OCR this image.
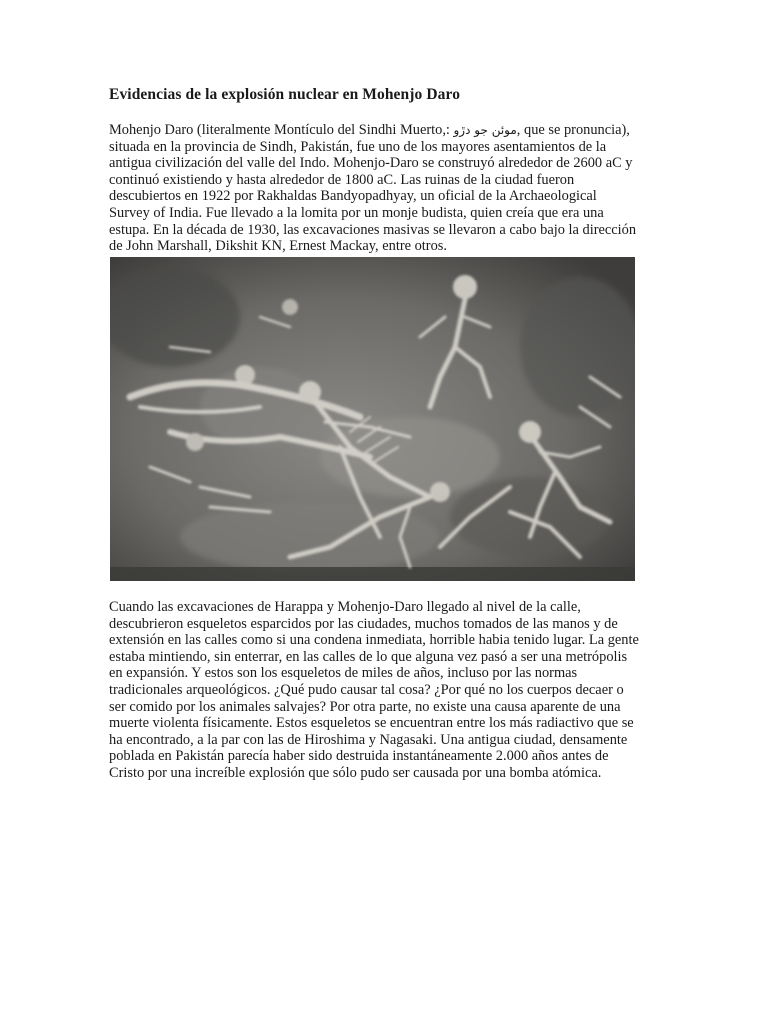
Evidencias de la explosión nuclear en Mohenjo Daro

Mohenjo Daro (literalmente Montículo del Sindhi Muerto,: موئن جو دڙو, que se pronuncia), situada en la provincia de Sindh, Pakistán, fue uno de los mayores asentamientos de la antigua civilización del valle del Indo. Mohenjo-Daro se construyó alrededor de 2600 aC y continuó existiendo y hasta alrededor de 1800 aC. Las ruinas de la ciudad fueron descubiertos en 1922 por Rakhaldas Bandyopadhyay, un oficial de la Archaeological Survey of India. Fue llevado a la lomita por un monje budista, quien creía que era una estupa. En la década de 1930, las excavaciones masivas se llevaron a cabo bajo la dirección de John Marshall, Dikshit KN, Ernest Mackay, entre otros.

Cuando las excavaciones de Harappa y Mohenjo-Daro llegado al nivel de la calle, descubrieron esqueletos esparcidos por las ciudades, muchos tomados de las manos y de extensión en las calles como si una condena inmediata, horrible habia tenido lugar. La gente estaba mintiendo, sin enterrar, en las calles de lo que alguna vez pasó a ser una metrópolis en expansión. Y estos son los esqueletos de miles de años, incluso por las normas tradicionales arqueológicos. ¿Qué pudo causar tal cosa? ¿Por qué no los cuerpos decaer o ser comido por los animales salvajes? Por otra parte, no existe una causa aparente de una muerte violenta físicamente. Estos esqueletos se encuentran entre los más radiactivo que se ha encontrado, a la par con las de Hiroshima y Nagasaki. Una antigua ciudad, densamente poblada en Pakistán parecía haber sido destruida instantáneamente 2.000 años antes de Cristo por una increíble explosión que sólo pudo ser causada por una bomba atómica.
